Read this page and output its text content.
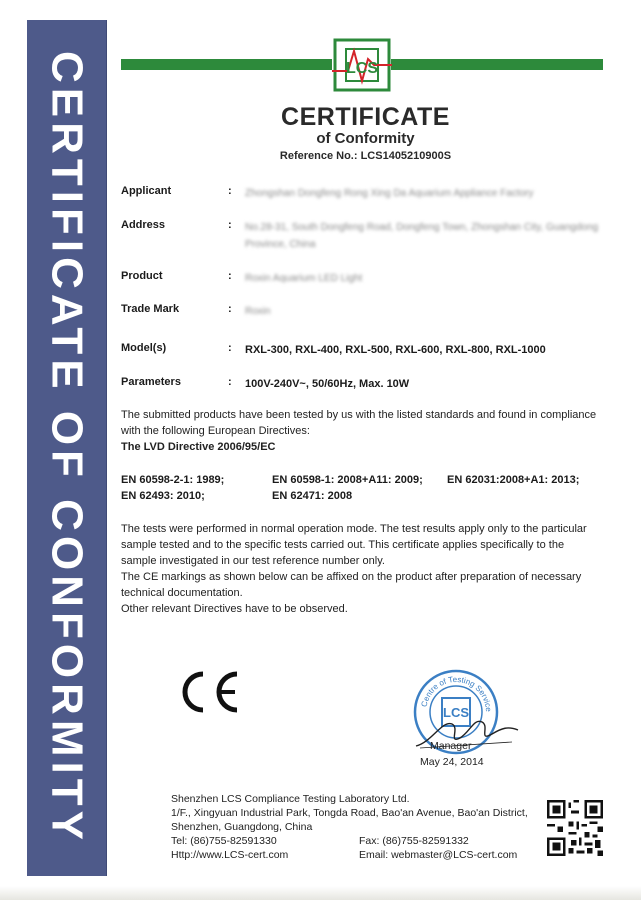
CERTIFICATE OF CONFORMITY	LCS
CERTIFICATE
of Conformity
Reference No.: LCS1405210900S
Applicant	: Zhongshan Dongfeng Rong Xing Da Aquarium Appliance Factory
Address	: No.28-31, South Dongfeng Road, Dongfeng Town, Zhongshan City, Guangdong Province, China
Product	: Roxin Aquarium LED Light
Trade Mark	: Roxin
Model(s)	: RXL-300, RXL-400, RXL-500, RXL-600, RXL-800, RXL-1000
Parameters	: 100V-240V~, 50/60Hz, Max. 10W
The submitted products have been tested by us with the listed standards and found in compliance
with the following European Directives:
The LVD Directive 2006/95/EC
EN 60598-2-1: 1989;	EN 60598-1: 2008+A11: 2009; EN 62031:2008+A1: 2013;
EN 62493: 2010;	EN 62471: 2008
The tests were performed in normal operation mode. The test results apply only to the particular
sample tested and to the specific tests carried out. This certificate applies specifically to the
sample investigated in our test reference number only.
The CE markings as shown below can be affixed on the product after preparation of necessary
technical documentation.
Other relevant Directives have to be observed.
Centre of Testing Service
LCS
Manager
May 24, 2014
Shenzhen LCS Compliance Testing Laboratory Ltd.
1/F., Xingyuan Industrial Park, Tongda Road, Bao'an Avenue, Bao'an District,
Shenzhen, Guangdong, China
Tel: (86)755-82591330	Fax: (86)755-82591332
Http://www.LCS-cert.com	Email: webmaster@LCS-cert.com
